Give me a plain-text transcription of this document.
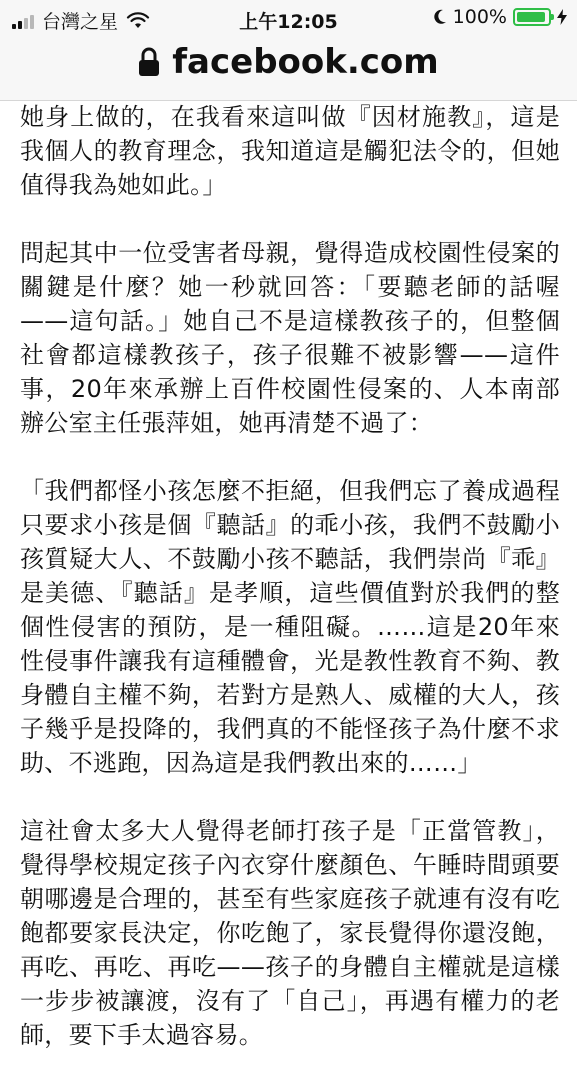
台灣之星	上午12:05	100%
facebook.com

她身上做的，在我看來這叫做『因材施教』，這是我個人的教育理念，我知道這是觸犯法令的，但她值得我為她如此。」

問起其中一位受害者母親，覺得造成校園性侵案的關鍵是什麼？她一秒就回答：「要聽老師的話喔——這句話。」她自己不是這樣教孩子的，但整個社會都這樣教孩子，孩子很難不被影響——這件事，20年來承辦上百件校園性侵案的、人本南部辦公室主任張萍姐，她再清楚不過了：

「我們都怪小孩怎麼不拒絕，但我們忘了養成過程只要求小孩是個『聽話』的乖小孩，我們不鼓勵小孩質疑大人、不鼓勵小孩不聽話，我們崇尚『乖』是美德、『聽話』是孝順，這些價值對於我們的整個性侵害的預防，是一種阻礙。……這是20年來性侵事件讓我有這種體會，光是教性教育不夠、教身體自主權不夠，若對方是熟人、威權的大人，孩子幾乎是投降的，我們真的不能怪孩子為什麼不求助、不逃跑，因為這是我們教出來的……」

這社會太多大人覺得老師打孩子是「正當管教」，覺得學校規定孩子內衣穿什麼顏色、午睡時間頭要朝哪邊是合理的，甚至有些家庭孩子就連有沒有吃飽都要家長決定，你吃飽了，家長覺得你還沒飽，再吃、再吃、再吃——孩子的身體自主權就是這樣一步步被讓渡，沒有了「自己」，再遇有權力的老師，要下手太過容易。
